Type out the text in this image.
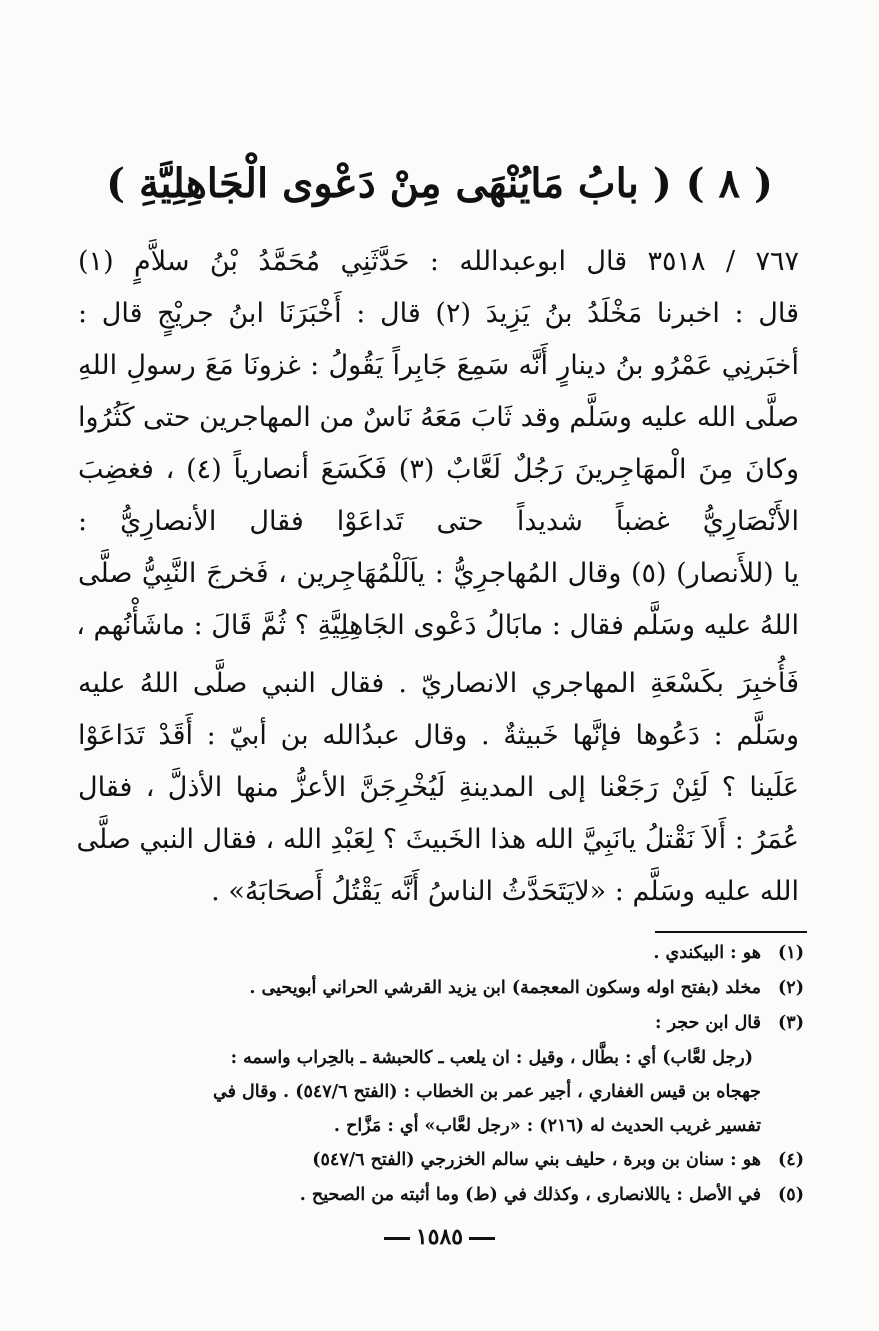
( ٨ ) ( بابُ مَايُنْهَى مِنْ دَعْوى الْجَاهِلِيَّةِ )
٧٦٧ / ٣٥١٨ قال ابوعبدالله : حَدَّثَنِي مُحَمَّدُ بْنُ سلاَّمٍ (١)
قال : اخبرنا مَخْلَدُ بنُ يَزِيدَ (٢) قال : أَخْبَرَنَا ابنُ جريْجٍ قال :
أخبَرنِي عَمْرُو بنُ دينارٍ أَنَّه سَمِعَ جَابِراً يَقُولُ : غزونَا مَعَ رسولِ اللهِ
صلَّى الله عليه وسَلَّم وقد ثَابَ مَعَهُ نَاسٌ من المهاجرين حتى كَثُرُوا
وكانَ مِنَ الْمهَاجِرينَ رَجُلٌ لَعَّابٌ (٣) فَكَسَعَ أنصارياً (٤) ، فغضِبَ
الأَنْصَارِيُّ غضباً شديداً حتى تَداعَوْا فقال الأنصارِيُّ :
يا (للأَنصار) (٥) وقال المُهاجرِيُّ : ياَلَلْمُهَاجِرين ، فَخرجَ النَّبِيُّ صلَّى
اللهُ عليه وسَلَّم فقال : مابَالُ دَعْوى الجَاهِلِيَّةِ ؟ ثُمَّ قَالَ : ماشَأْنُهم ،
فَأُخبِرَ بكَسْعَةِ المهاجري الانصاريّ . فقال النبي صلَّى اللهُ عليه
وسَلَّم : دَعُوها فإنَّها خَبيثةٌ . وقال عبدُالله بن أبيّ : أَقَدْ تَدَاعَوْا
عَلَينا ؟ لَئِنْ رَجَعْنا إلى المدينةِ لَيُخْرِجَنَّ الأعزُّ منها الأذلَّ ، فقال
عُمَرُ : أَلاَ نَقْتلُ يانَبِيَّ الله هذا الخَبيثَ ؟ لِعَبْدِ الله ، فقال النبي صلَّى
الله عليه وسَلَّم : «لايَتَحَدَّثُ الناسُ أَنَّه يَقْتُلُ أَصحَابَهُ» .
(١)
هو : البيكندي .
(٢)
مخلد (بفتح اوله وسكون المعجمة) ابن يزيد القرشي الحراني أبويحيى .
(٣)
قال ابن حجر :
(رجل لعَّاب) أي : بطَّال ، وقيل : ان يلعب ـ كالحبشة ـ بالحِراب واسمه :
جهجاه بن قيس الغفاري ، أجير عمر بن الخطاب : (الفتح ٥٤٧/٦) . وقال في
تفسير غريب الحديث له (٢١٦) : «رجل لعَّاب» أي : مَزَّاح .
(٤)
هو : سنان بن وبرة ، حليف بني سالم الخزرجي (الفتح ٥٤٧/٦)
(٥)
في الأصل : ياللانصارى ، وكذلك في (ط) وما أثبته من الصحيح .
١٥٨٥
